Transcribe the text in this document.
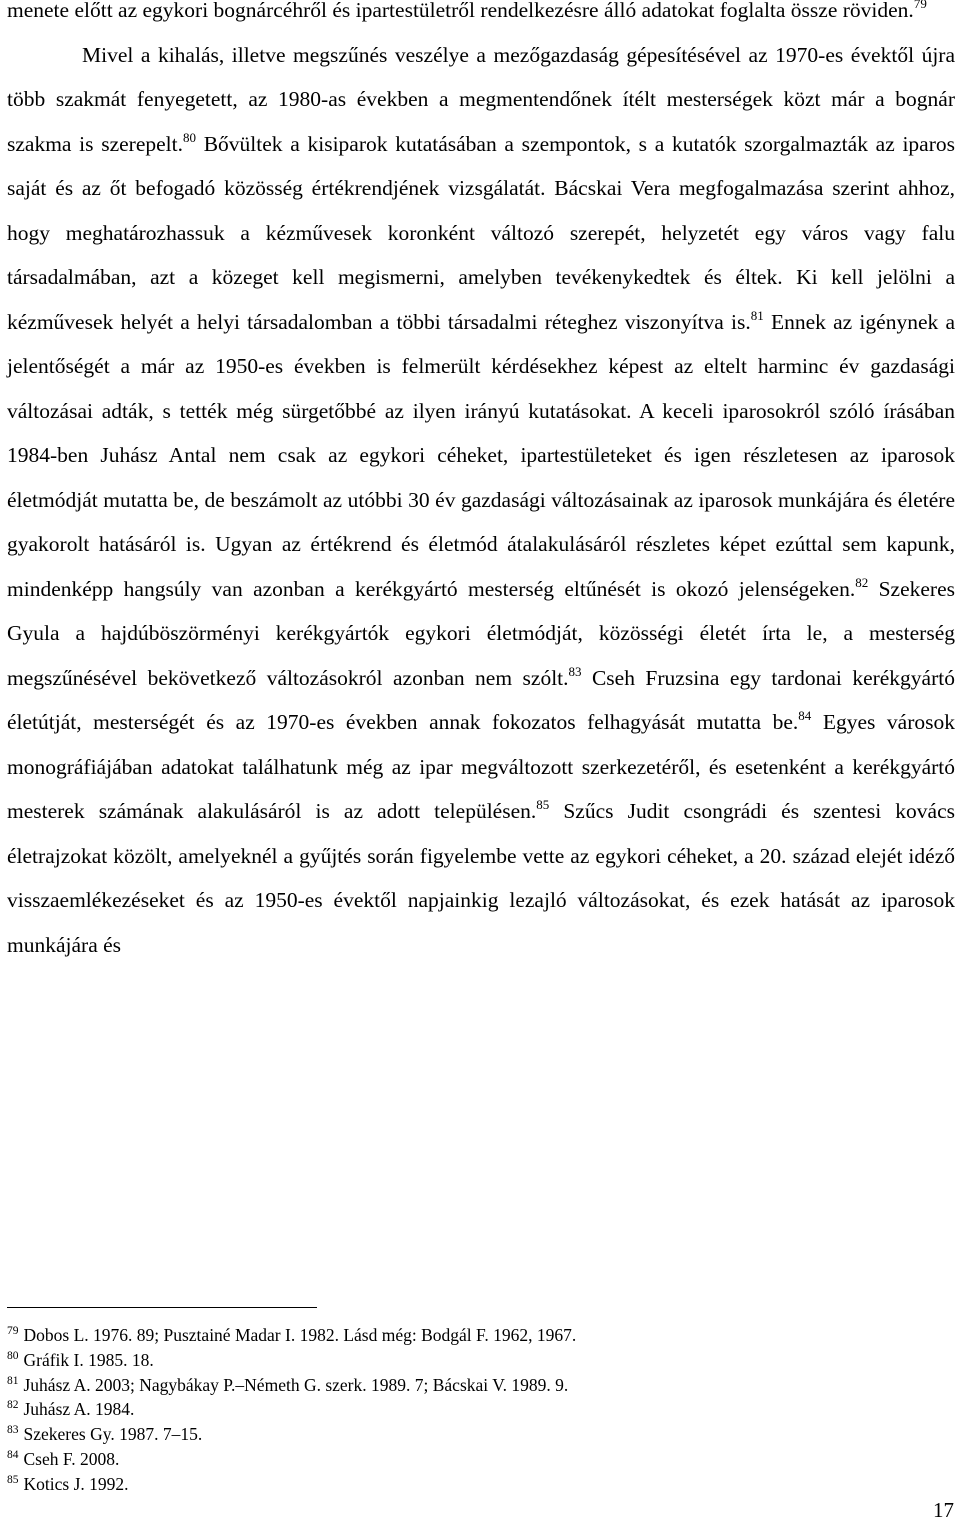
menete előtt az egykori bognárcéhről és ipartestületről rendelkezésre álló adatokat foglalta össze röviden.$^{79}$

Mivel a kihalás, illetve megszűnés veszélye a mezőgazdaság gépesítésével az 1970-es évektől újra több szakmát fenyegetett, az 1980-as években a megmentendőnek ítélt mesterségek közt már a bognár szakma is szerepelt.$^{80}$ Bővültek a kisiparok kutatásában a szempontok, s a kutatók szorgalmazták az iparos saját és az őt befogadó közösség értékrendjének vizsgálatát. Bácskai Vera megfogalmazása szerint ahhoz, hogy meghatározhassuk a kézművesek koronként változó szerepét, helyzetét egy város vagy falu társadalmában, azt a közeget kell megismerni, amelyben tevékenykedtek és éltek. Ki kell jelölni a kézművesek helyét a helyi társadalomban a többi társadalmi réteghez viszonyítva is.$^{81}$ Ennek az igénynek a jelentőségét a már az 1950-es években is felmerült kérdésekhez képest az eltelt harminc év gazdasági változásai adták, s tették még sürgetőbbé az ilyen irányú kutatásokat. A keceli iparosokról szóló írásában 1984-ben Juhász Antal nem csak az egykori céheket, ipartestületeket és igen részletesen az iparosok életmódját mutatta be, de beszámolt az utóbbi 30 év gazdasági változásainak az iparosok munkájára és életére gyakorolt hatásáról is. Ugyan az értékrend és életmód átalakulásáról részletes képet ezúttal sem kapunk, mindenképp hangsúly van azonban a kerékgyártó mesterség eltűnését is okozó jelenségeken.$^{82}$ Szekeres Gyula a hajdúböszörményi kerékgyártók egykori életmódját, közösségi életét írta le, a mesterség megszűnésével bekövetkező változásokról azonban nem szólt.$^{83}$ Cseh Fruzsina egy tardonai kerékgyártó életútját, mesterségét és az 1970-es években annak fokozatos felhagyását mutatta be.$^{84}$ Egyes városok monográfiájában adatokat találhatunk még az ipar megváltozott szerkezetéről, és esetenként a kerékgyártó mesterek számának alakulásáról is az adott településen.$^{85}$ Szűcs Judit csongrádi és szentesi kovács életrajzokat közölt, amelyeknél a gyűjtés során figyelembe vette az egykori céheket, a 20. század elejét idéző visszaemlékezéseket és az 1950-es évektől napjainkig lezajló változásokat, és ezek hatását az iparosok munkájára és

$^{79}$ Dobos L. 1976. 89; Pusztainé Madar I. 1982. Lásd még: Bodgál F. 1962, 1967.
$^{80}$ Gráfik I. 1985. 18.
$^{81}$ Juhász A. 2003; Nagybákay P.–Németh G. szerk. 1989. 7; Bácskai V. 1989. 9.
$^{82}$ Juhász A. 1984.
$^{83}$ Szekeres Gy. 1987. 7–15.
$^{84}$ Cseh F. 2008.
$^{85}$ Kotics J. 1992.
17
